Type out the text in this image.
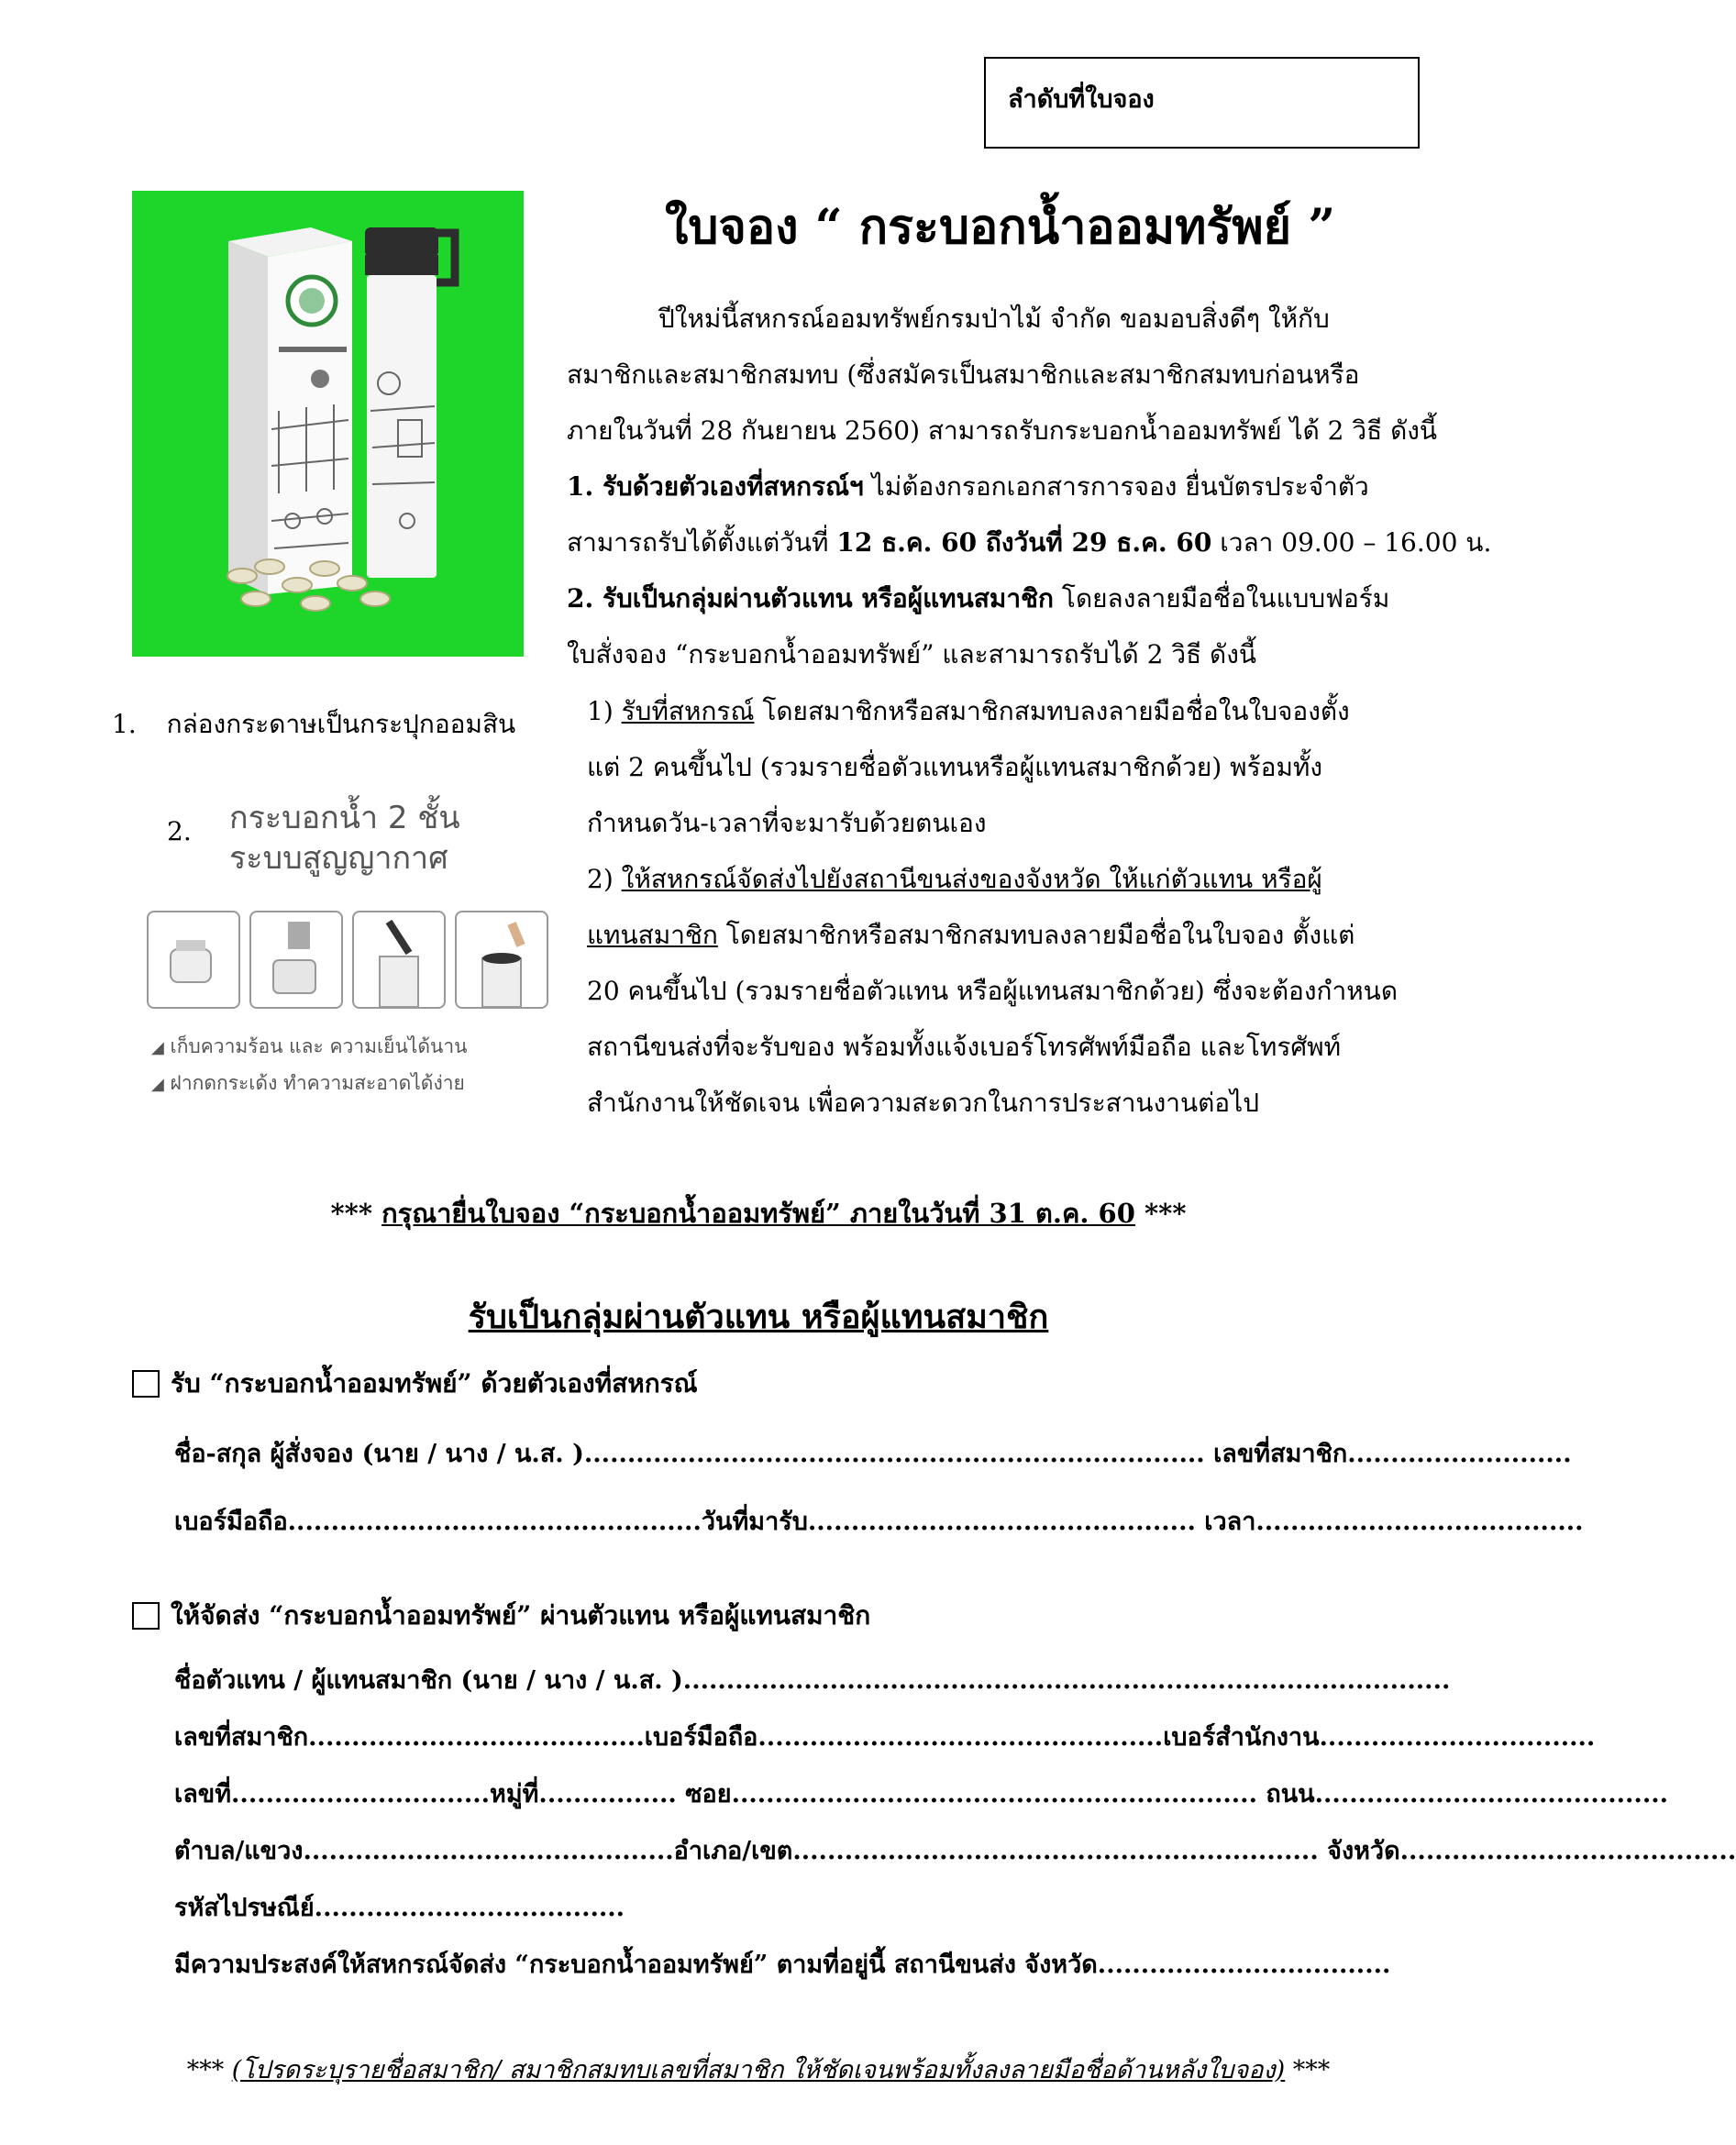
ลำดับที่ใบจอง
ใบจอง “ กระบอกน้ำออมทรัพย์ ”

ปีใหม่นี้สหกรณ์ออมทรัพย์กรมป่าไม้ จำกัด ขอมอบสิ่งดีๆ ให้กับ

สมาชิกและสมาชิกสมทบ (ซึ่งสมัครเป็นสมาชิกและสมาชิกสมทบก่อนหรือ

ภายในวันที่ 28 กันยายน 2560) สามารถรับกระบอกน้ำออมทรัพย์ ได้ 2 วิธี ดังนี้

1. รับด้วยตัวเองที่สหกรณ์ฯ ไม่ต้องกรอกเอกสารการจอง ยื่นบัตรประจำตัว

สามารถรับได้ตั้งแต่วันที่ 12 ธ.ค. 60 ถึงวันที่ 29 ธ.ค. 60 เวลา 09.00 – 16.00 น.

2. รับเป็นกลุ่มผ่านตัวแทน หรือผู้แทนสมาชิก โดยลงลายมือชื่อในแบบฟอร์ม

ใบสั่งจอง “กระบอกน้ำออมทรัพย์” และสามารถรับได้ 2 วิธี ดังนี้

1) รับที่สหกรณ์ โดยสมาชิกหรือสมาชิกสมทบลงลายมือชื่อในใบจองตั้ง

แต่ 2 คนขึ้นไป (รวมรายชื่อตัวแทนหรือผู้แทนสมาชิกด้วย) พร้อมทั้ง

กำหนดวัน-เวลาที่จะมารับด้วยตนเอง

2) ให้สหกรณ์จัดส่งไปยังสถานีขนส่งของจังหวัด ให้แก่ตัวแทน หรือผู้

แทนสมาชิก โดยสมาชิกหรือสมาชิกสมทบลงลายมือชื่อในใบจอง ตั้งแต่

20 คนขึ้นไป (รวมรายชื่อตัวแทน หรือผู้แทนสมาชิกด้วย) ซึ่งจะต้องกำหนด

สถานีขนส่งที่จะรับของ พร้อมทั้งแจ้งเบอร์โทรศัพท์มือถือ และโทรศัพท์

สำนักงานให้ชัดเจน เพื่อความสะดวกในการประสานงานต่อไป

1. กล่องกระดาษเป็นกระปุกออมสิน
2. กระบอกน้ำ 2 ชั้น
ระบบสูญญากาศ
◢ เก็บความร้อน และ ความเย็นได้นาน
◢ ฝากดกระเด้ง ทำความสะอาดได้ง่าย
*** กรุณายื่นใบจอง “กระบอกน้ำออมทรัพย์” ภายในวันที่ 31 ต.ค. 60 ***
รับเป็นกลุ่มผ่านตัวแทน หรือผู้แทนสมาชิก
รับ “กระบอกน้ำออมทรัพย์” ด้วยตัวเองที่สหกรณ์
ชื่อ-สกุล ผู้สั่งจอง (นาย / นาง / น.ส. )........................................................................ เลขที่สมาชิก..........................
เบอร์มือถือ................................................วันที่มารับ............................................. เวลา......................................
ให้จัดส่ง “กระบอกน้ำออมทรัพย์” ผ่านตัวแทน หรือผู้แทนสมาชิก
ชื่อตัวแทน / ผู้แทนสมาชิก (นาย / นาง / น.ส. ).........................................................................................
เลขที่สมาชิก.......................................เบอร์มือถือ...............................................เบอร์สำนักงาน................................
เลขที่..............................หมู่ที่................ ซอย............................................................. ถนน.........................................
ตำบล/แขวง...........................................อำเภอ/เขต............................................................. จังหวัด.......................................
รหัสไปรษณีย์....................................
มีความประสงค์ให้สหกรณ์จัดส่ง “กระบอกน้ำออมทรัพย์” ตามที่อยู่นี้ สถานีขนส่ง จังหวัด..................................
*** (โปรดระบุรายชื่อสมาชิก/ สมาชิกสมทบเลขที่สมาชิก ให้ชัดเจนพร้อมทั้งลงลายมือชื่อด้านหลังใบจอง) ***
